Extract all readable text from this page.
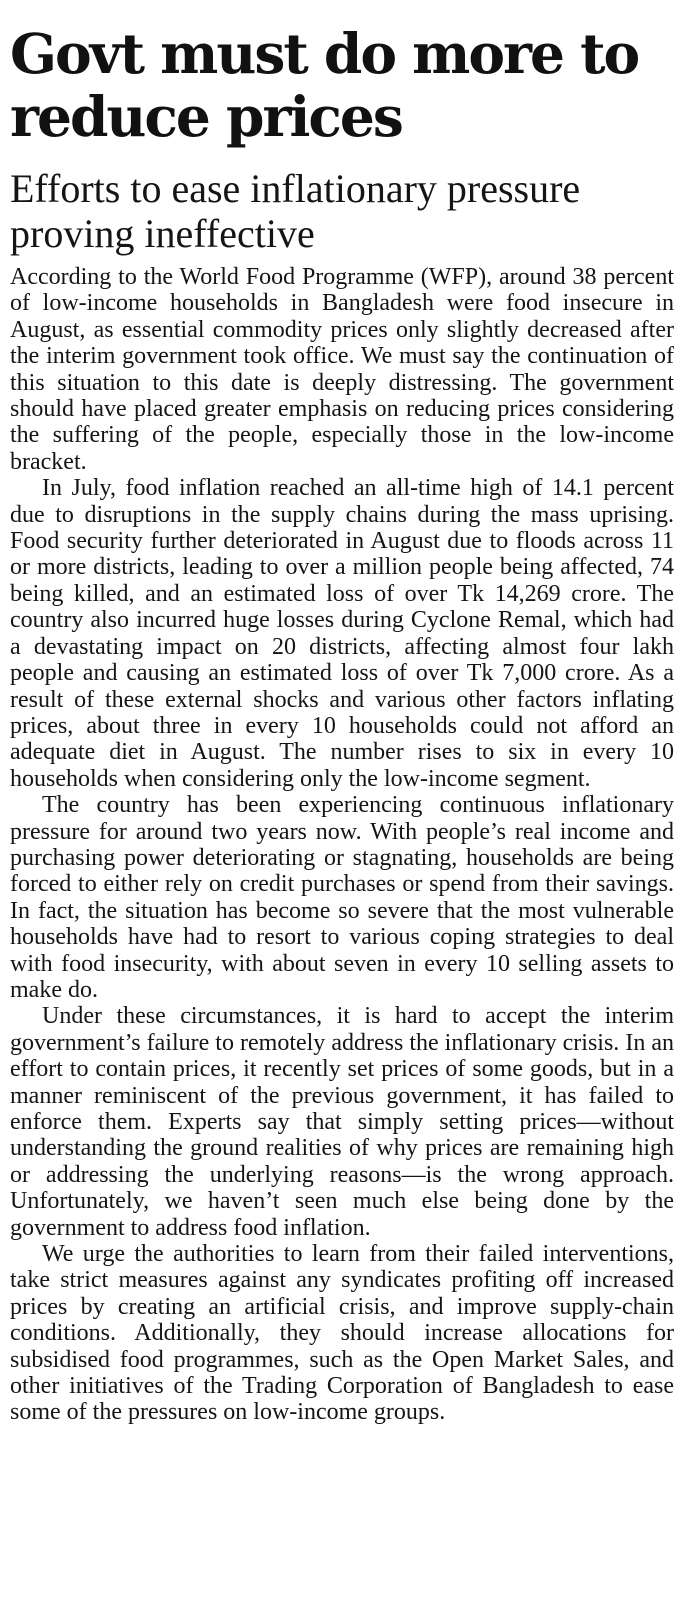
Govt must do more to reduce prices
Efforts to ease inflationary pressure proving ineffective

According to the World Food Programme (WFP), around 38 percent of low-income households in Bangladesh were food insecure in August, as essential commodity prices only slightly decreased after the interim government took office. We must say the continuation of this situation to this date is deeply distressing. The government should have placed greater emphasis on reducing prices considering the suffering of the people, especially those in the low-income bracket.

In July, food inflation reached an all-time high of 14.1 percent due to disruptions in the supply chains during the mass uprising. Food security further deteriorated in August due to floods across 11 or more districts, leading to over a million people being affected, 74 being killed, and an estimated loss of over Tk 14,269 crore. The country also incurred huge losses during Cyclone Remal, which had a devastating impact on 20 districts, affecting almost four lakh people and causing an estimated loss of over Tk 7,000 crore. As a result of these external shocks and various other factors inflating prices, about three in every 10 households could not afford an adequate diet in August. The number rises to six in every 10 households when considering only the low-income segment.

The country has been experiencing continuous inflationary pressure for around two years now. With people’s real income and purchasing power deteriorating or stagnating, households are being forced to either rely on credit purchases or spend from their savings. In fact, the situation has become so severe that the most vulnerable households have had to resort to various coping strategies to deal with food insecurity, with about seven in every 10 selling assets to make do.

Under these circumstances, it is hard to accept the interim government’s failure to remotely address the inflationary crisis. In an effort to contain prices, it recently set prices of some goods, but in a manner reminiscent of the previous government, it has failed to enforce them. Experts say that simply setting prices—without understanding the ground realities of why prices are remaining high or addressing the underlying reasons—is the wrong approach. Unfortunately, we haven’t seen much else being done by the government to address food inflation.

We urge the authorities to learn from their failed interventions, take strict measures against any syndicates profiting off increased prices by creating an artificial crisis, and improve supply-chain conditions. Additionally, they should increase allocations for subsidised food programmes, such as the Open Market Sales, and other initiatives of the Trading Corporation of Bangladesh to ease some of the pressures on low-income groups.
